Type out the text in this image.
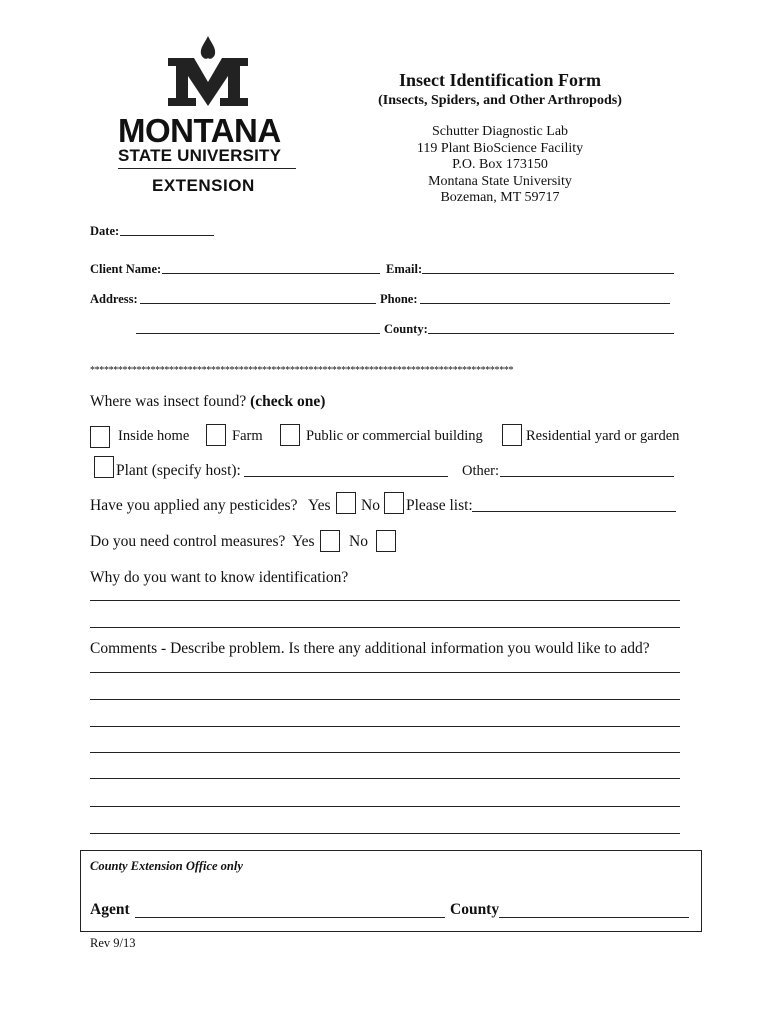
MONTANA
STATE UNIVERSITY
EXTENSION
Insect Identification Form
(Insects, Spiders, and Other Arthropods)
Schutter Diagnostic Lab
119 Plant BioScience Facility
P.O. Box 173150
Montana State University
Bozeman, MT 59717
Date:
Client Name:	Email:
Address:	Phone:
County:
*******************************************************************************************
Where was insect found? (check one)
Inside home	Farm	Public or commercial building	Residential yard or garden
Plant (specify host):	Other:
Have you applied any pesticides? Yes No Please list:
Do you need control measures? Yes No
Why do you want to know identification?
Comments - Describe problem. Is there any additional information you would like to add?
County Extension Office only
Agent	County
Rev 9/13
